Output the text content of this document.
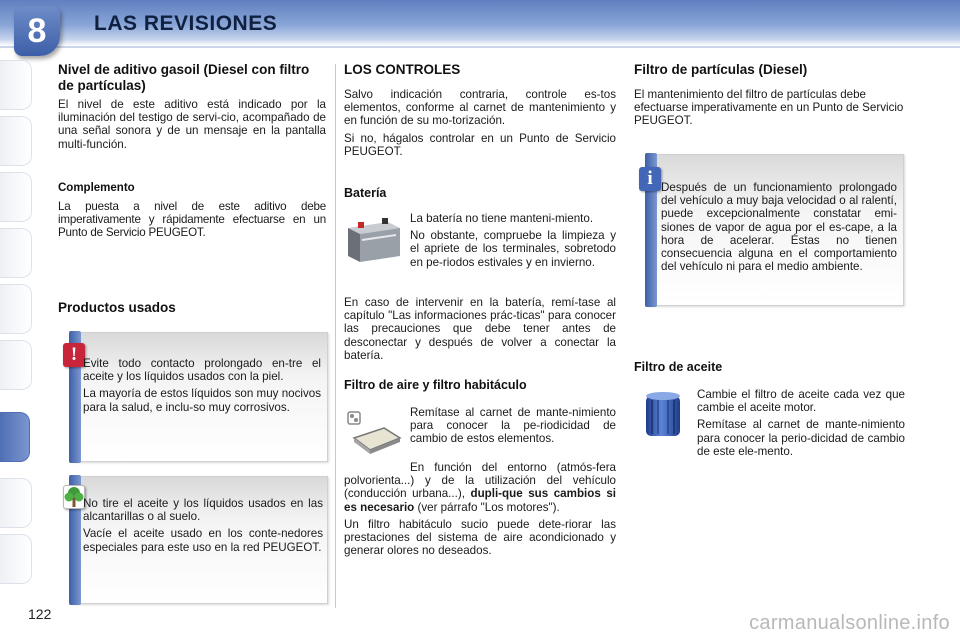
8	LAS REVISIONES
Nivel de aditivo gasoil (Diesel con filtro de partículas)

El nivel de este aditivo está indicado por la iluminación del testigo de servi-cio, acompañado de una señal sonora y de un mensaje en la pantalla multi-función.

Complemento

La puesta a nivel de este aditivo debe imperativamente y rápidamente efectuarse en un Punto de Servicio PEUGEOT.

Productos usados
! Evite todo contacto prolongado en-tre el aceite y los líquidos usados con la piel.

La mayoría de estos líquidos son muy nocivos para la salud, e inclu-so muy corrosivos.

No tire el aceite y los líquidos usados en las alcantarillas o al suelo.

Vacíe el aceite usado en los conte-nedores especiales para este uso en la red PEUGEOT.

LOS CONTROLES

Salvo indicación contraria, controle es-tos elementos, conforme al carnet de mantenimiento y en función de su mo-torización.

Si no, hágalos controlar en un Punto de Servicio PEUGEOT.

Batería

La batería no tiene manteni-miento.

No obstante, compruebe la limpieza y el apriete de los terminales, sobretodo en pe-riodos estivales y en invierno.

En caso de intervenir en la batería, remí-tase al capítulo "Las informaciones prác-ticas" para conocer las precauciones que debe tener antes de desconectar y después de volver a conectar la batería.

Filtro de aire y filtro habitáculo

Remítase al carnet de mante-nimiento para conocer la pe-riodicidad de cambio de estos elementos.

En función del entorno (atmós-fera polvorienta...) y de la utilización del vehículo (conducción urbana...), dupli-que sus cambios si es necesario (ver párrafo "Los motores").

Un filtro habitáculo sucio puede dete-riorar las prestaciones del sistema de aire acondicionado y generar olores no deseados.

Filtro de partículas (Diesel)

El mantenimiento del filtro de partículas debe efectuarse imperativamente en un Punto de Servicio PEUGEOT.

i Después de un funcionamiento prolongado del vehículo a muy baja velocidad o al ralentí, puede excepcionalmente constatar emi-siones de vapor de agua por el es-cape, a la hora de acelerar. Éstas no tienen consecuencia alguna en el comportamiento del vehículo ni para el medio ambiente.

Filtro de aceite

Cambie el filtro de aceite cada vez que cambie el aceite motor.

Remítase al carnet de mante-nimiento para conocer la perio-dicidad de cambio de este ele-mento.

122	carmanualsonline.info
